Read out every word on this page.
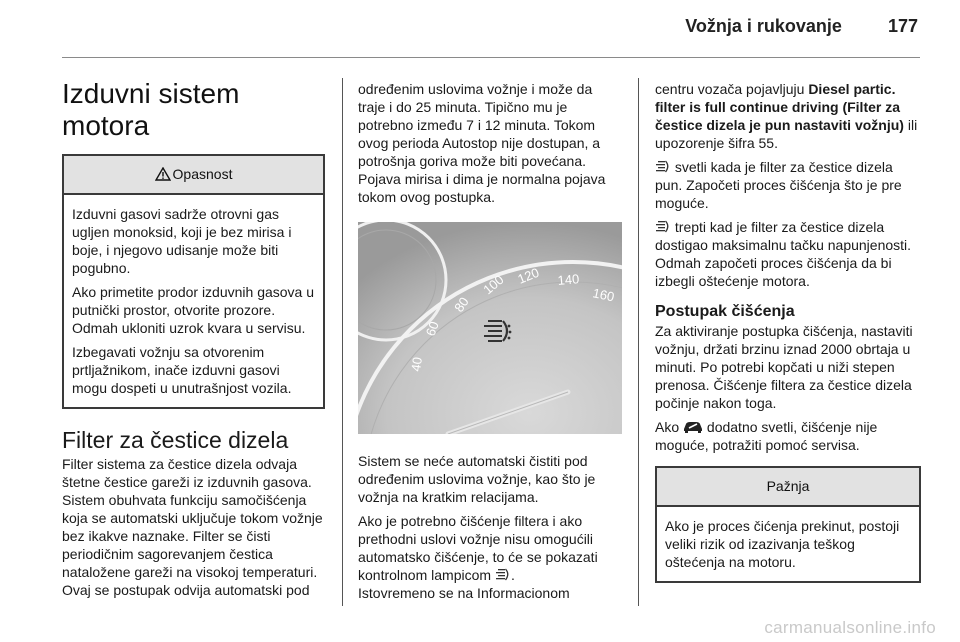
Vožnja i rukovanje	177
Izduvni sistem motora
Opasnost

Izduvni gasovi sadrže otrovni gas ugljen monoksid, koji je bez mirisa i boje, i njegovo udisanje može biti pogubno.

Ako primetite prodor izduvnih gasova u putnički prostor, otvorite prozore. Odmah ukloniti uzrok kvara u servisu.

Izbegavati vožnju sa otvorenim prtljažnikom, inače izduvni gasovi mogu dospeti u unutrašnjost vozila.

Filter za čestice dizela

Filter sistema za čestice dizela odvaja štetne čestice gareži iz izduvnih gasova. Sistem obuhvata funkciju samočišćenja koja se automatski uključuje tokom vožnje bez ikakve naznake. Filter se čisti periodičnim sagorevanjem čestica nataložene gareži na visokoj temperaturi. Ovaj se postupak odvija automatski pod

određenim uslovima vožnje i može da traje i do 25 minuta. Tipično mu je potrebno između 7 i 12 minuta. Tokom ovog perioda Autostop nije dostupan, a potrošnja goriva može biti povećana. Pojava mirisa i dima je normalna pojava tokom ovog postupka.

60
80
100 120 140
160
40

Sistem se neće automatski čistiti pod određenim uslovima vožnje, kao što je vožnja na kratkim relacijama.

Ako je potrebno čišćenje filtera i ako prethodni uslovi vožnje nisu omogućili automatsko čišćenje, to će se pokazati kontrolnom lampicom .
Istovremeno se na Informacionom

centru vozača pojavljuju Diesel partic. filter is full continue driving (Filter za čestice dizela je pun nastaviti vožnju) ili upozorenje šifra 55.

svetli kada je filter za čestice dizela pun. Započeti proces čišćenja što je pre moguće.

trepti kad je filter za čestice dizela dostigao maksimalnu tačku napunjenosti. Odmah započeti proces čišćenja da bi izbegli oštećenje motora.

Postupak čišćenja

Za aktiviranje postupka čišćenja, nastaviti vožnju, držati brzinu iznad 2000 obrtaja u minuti. Po potrebi kopčati u niži stepen prenosa. Čišćenje filtera za čestice dizela počinje nakon toga.

Ako dodatno svetli, čišćenje nije moguće, potražiti pomoć servisa.

Pažnja

Ako je proces čićenja prekinut, postoji veliki rizik od izazivanja teškog oštećenja na motoru.

carmanualsonline.info
